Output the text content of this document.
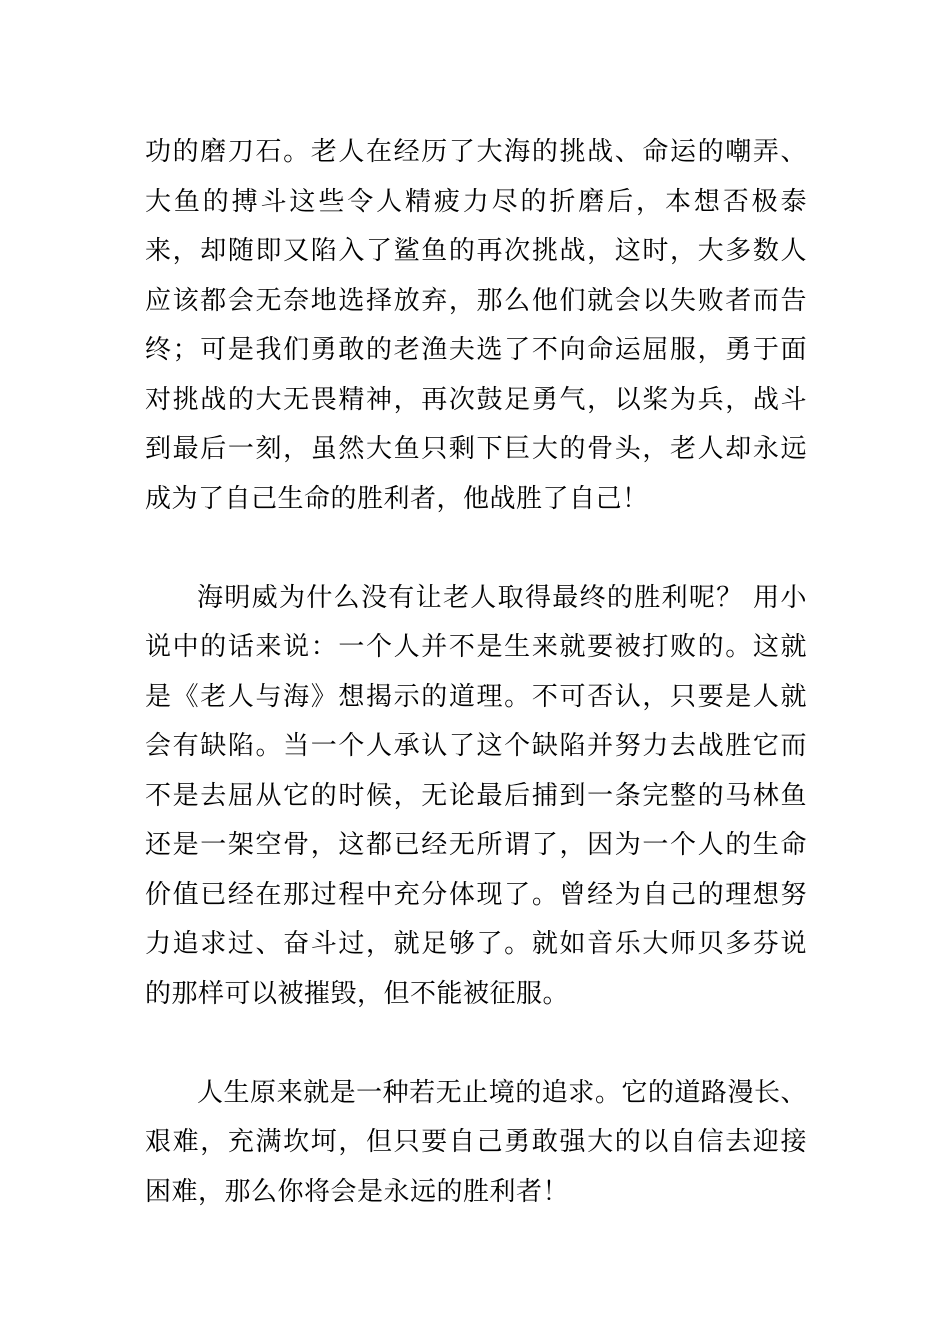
功的磨刀石。老人在经历了大海的挑战、命运的嘲弄、大鱼的搏斗这些令人精疲力尽的折磨后，本想否极泰来，却随即又陷入了鲨鱼的再次挑战，这时，大多数人应该都会无奈地选择放弃，那么他们就会以失败者而告终；可是我们勇敢的老渔夫选了不向命运屈服，勇于面对挑战的大无畏精神，再次鼓足勇气，以桨为兵，战斗到最后一刻，虽然大鱼只剩下巨大的骨头，老人却永远成为了自己生命的胜利者，他战胜了自己！

海明威为什么没有让老人取得最终的胜利呢？ 用小说中的话来说：一个人并不是生来就要被打败的。这就是《老人与海》想揭示的道理。不可否认，只要是人就会有缺陷。当一个人承认了这个缺陷并努力去战胜它而不是去屈从它的时候，无论最后捕到一条完整的马林鱼还是一架空骨，这都已经无所谓了，因为一个人的生命价值已经在那过程中充分体现了。曾经为自己的理想努力追求过、奋斗过，就足够了。就如音乐大师贝多芬说的那样可以被摧毁，但不能被征服。

人生原来就是一种若无止境的追求。它的道路漫长、艰难，充满坎坷，但只要自己勇敢强大的以自信去迎接困难，那么你将会是永远的胜利者！
